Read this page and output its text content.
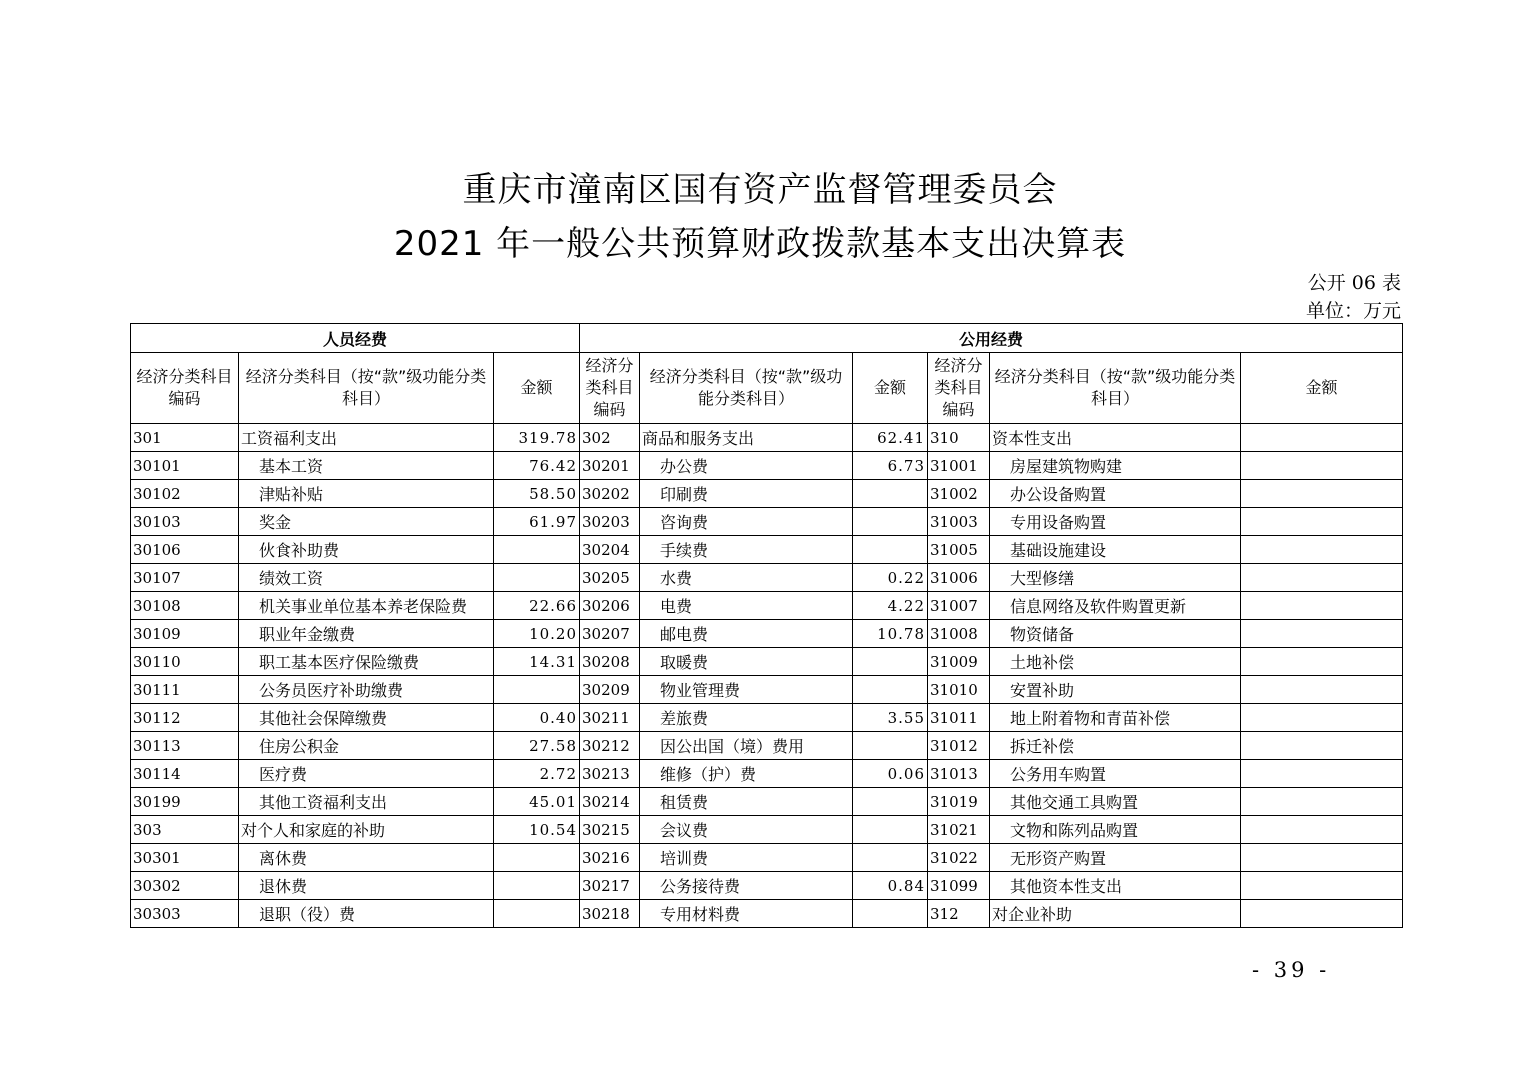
重庆市潼南区国有资产监督管理委员会
2021 年一般公共预算财政拨款基本支出决算表
公开 06 表
单位：万元
人员经费			公用经费					
经济分类科目编码	经济分类科目（按“款”级功能分类科目）	金额	经济分类科目编码	经济分类科目（按“款”级功能分类科目）	金额	经济分类科目编码	经济分类科目（按“款”级功能分类科目）	金额
301	工资福利支出	319.78	302	商品和服务支出	62.41	310	资本性支出	
30101	基本工资	76.42	30201	办公费	6.73	31001	房屋建筑物购建	
30102	津贴补贴	58.50	30202	印刷费		31002	办公设备购置	
30103	奖金	61.97	30203	咨询费		31003	专用设备购置	
30106	伙食补助费		30204	手续费		31005	基础设施建设	
30107	绩效工资		30205	水费	0.22	31006	大型修缮	
30108	机关事业单位基本养老保险费	22.66	30206	电费	4.22	31007	信息网络及软件购置更新	
30109	职业年金缴费	10.20	30207	邮电费	10.78	31008	物资储备	
30110	职工基本医疗保险缴费	14.31	30208	取暖费		31009	土地补偿	
30111	公务员医疗补助缴费		30209	物业管理费		31010	安置补助	
30112	其他社会保障缴费	0.40	30211	差旅费	3.55	31011	地上附着物和青苗补偿	
30113	住房公积金	27.58	30212	因公出国（境）费用		31012	拆迁补偿	
30114	医疗费	2.72	30213	维修（护）费	0.06	31013	公务用车购置	
30199	其他工资福利支出	45.01	30214	租赁费		31019	其他交通工具购置	
303	对个人和家庭的补助	10.54	30215	会议费		31021	文物和陈列品购置	
30301	离休费		30216	培训费		31022	无形资产购置	
30302	退休费		30217	公务接待费	0.84	31099	其他资本性支出	
30303	退职（役）费		30218	专用材料费		312	对企业补助	
- 39 -
